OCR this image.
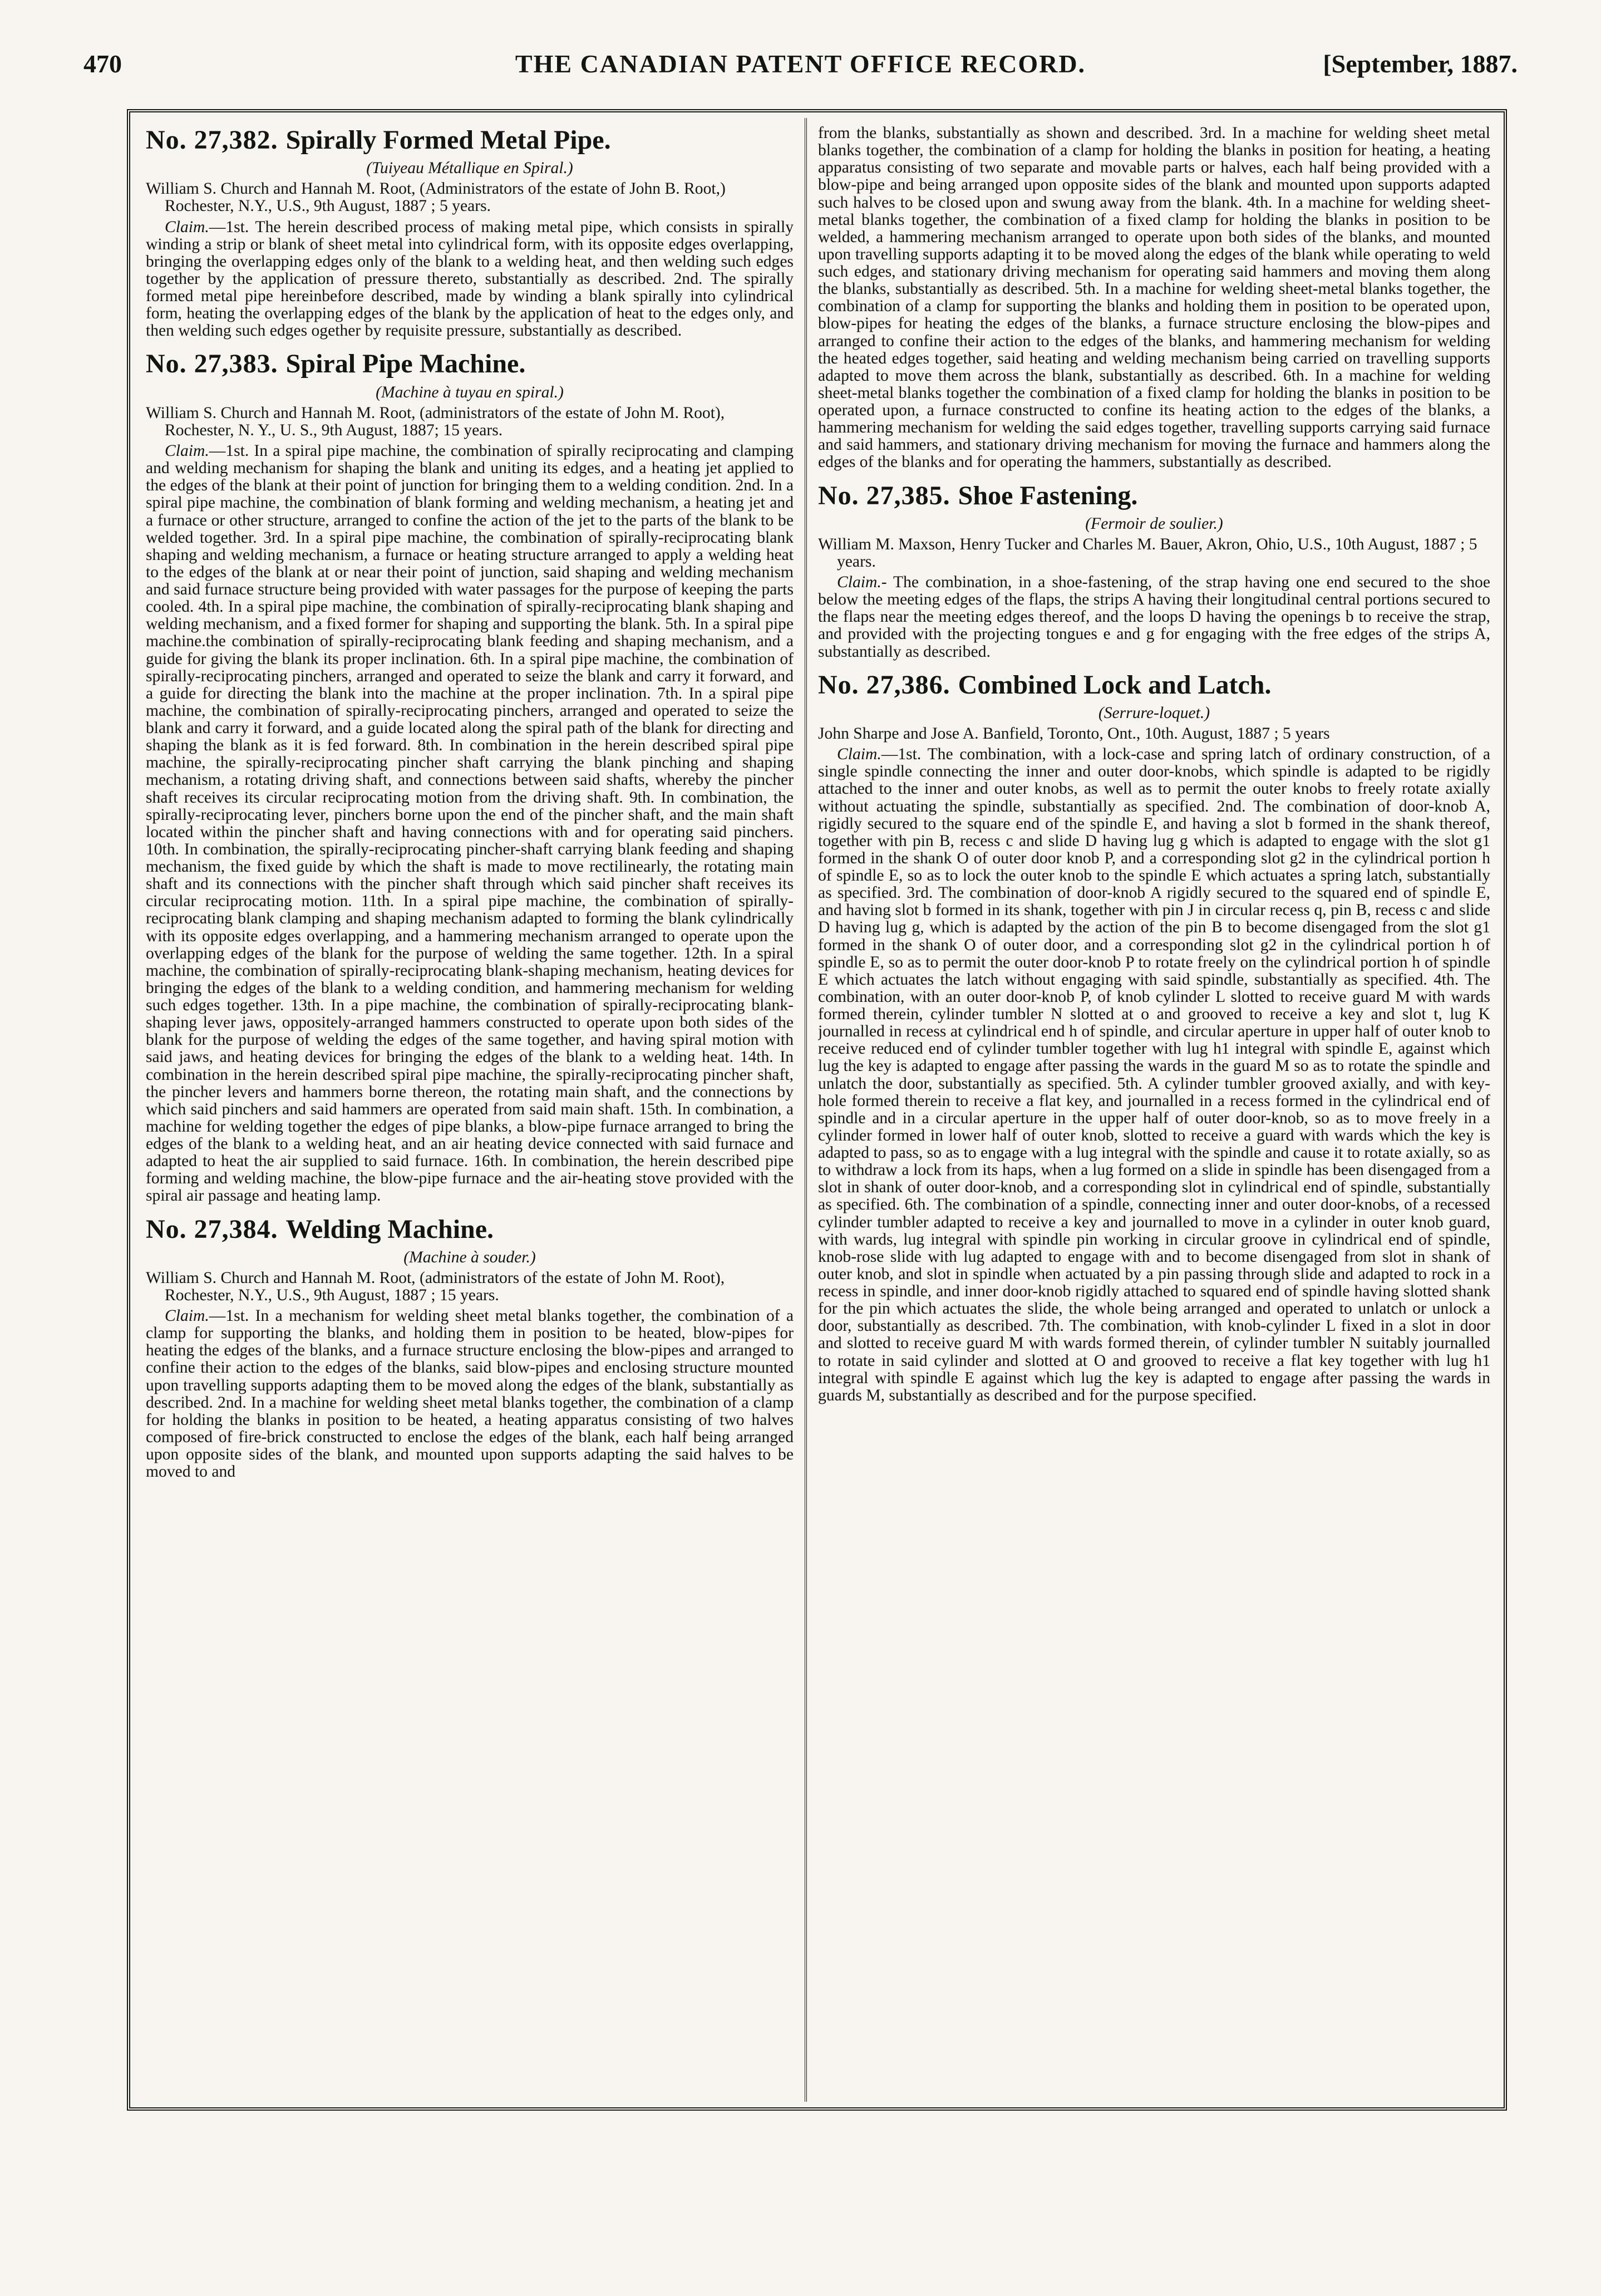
470	THE CANADIAN PATENT OFFICE RECORD.	[September, 1887.
No. 27,382. Spirally Formed Metal Pipe.

(Tuiyeau Métallique en Spiral.)

William S. Church and Hannah M. Root, (Administrators of the estate of John B. Root,) Rochester, N.Y., U.S., 9th August, 1887 ; 5 years.

Claim.—1st. The herein described process of making metal pipe, which consists in spirally winding a strip or blank of sheet metal into cylindrical form, with its opposite edges overlapping, bringing the overlapping edges only of the blank to a welding heat, and then welding such edges together by the application of pressure thereto, substantially as described. 2nd. The spirally formed metal pipe hereinbefore described, made by winding a blank spirally into cylindrical form, heating the overlapping edges of the blank by the application of heat to the edges only, and then welding such edges ogether by requisite pressure, substantially as described.

No. 27,383. Spiral Pipe Machine.

(Machine à tuyau en spiral.)

William S. Church and Hannah M. Root, (administrators of the estate of John M. Root), Rochester, N. Y., U. S., 9th August, 1887; 15 years.

Claim.—1st. In a spiral pipe machine, the combination of spirally reciprocating and clamping and welding mechanism for shaping the blank and uniting its edges, and a heating jet applied to the edges of the blank at their point of junction for bringing them to a welding condition. 2nd. In a spiral pipe machine, the combination of blank forming and welding mechanism, a heating jet and a furnace or other structure, arranged to confine the action of the jet to the parts of the blank to be welded together. 3rd. In a spiral pipe machine, the combination of spirally-reciprocating blank shaping and welding mechanism, a furnace or heating structure arranged to apply a welding heat to the edges of the blank at or near their point of junction, said shaping and welding mechanism and said furnace structure being provided with water passages for the purpose of keeping the parts cooled. 4th. In a spiral pipe machine, the combination of spirally-reciprocating blank shaping and welding mechanism, and a fixed former for shaping and supporting the blank. 5th. In a spiral pipe machine.the combination of spirally-reciprocating blank feeding and shaping mechanism, and a guide for giving the blank its proper inclination. 6th. In a spiral pipe machine, the combination of spirally-reciprocating pinchers, arranged and operated to seize the blank and carry it forward, and a guide for directing the blank into the machine at the proper inclination. 7th. In a spiral pipe machine, the combination of spirally-reciprocating pinchers, arranged and operated to seize the blank and carry it forward, and a guide located along the spiral path of the blank for directing and shaping the blank as it is fed forward. 8th. In combination in the herein described spiral pipe machine, the spirally-reciprocating pincher shaft carrying the blank pinching and shaping mechanism, a rotating driving shaft, and connections between said shafts, whereby the pincher shaft receives its circular reciprocating motion from the driving shaft. 9th. In combination, the spirally-reciprocating lever, pinchers borne upon the end of the pincher shaft, and the main shaft located within the pincher shaft and having connections with and for operating said pinchers. 10th. In combination, the spirally-reciprocating pincher-shaft carrying blank feeding and shaping mechanism, the fixed guide by which the shaft is made to move rectilinearly, the rotating main shaft and its connections with the pincher shaft through which said pincher shaft receives its circular reciprocating motion. 11th. In a spiral pipe machine, the combination of spirally-reciprocating blank clamping and shaping mechanism adapted to forming the blank cylindrically with its opposite edges overlapping, and a hammering mechanism arranged to operate upon the overlapping edges of the blank for the purpose of welding the same together. 12th. In a spiral machine, the combination of spirally-reciprocating blank-shaping mechanism, heating devices for bringing the edges of the blank to a welding condition, and hammering mechanism for welding such edges together. 13th. In a pipe machine, the combination of spirally-reciprocating blank-shaping lever jaws, oppositely-arranged hammers constructed to operate upon both sides of the blank for the purpose of welding the edges of the same together, and having spiral motion with said jaws, and heating devices for bringing the edges of the blank to a welding heat. 14th. In combination in the herein described spiral pipe machine, the spirally-reciprocating pincher shaft, the pincher levers and hammers borne thereon, the rotating main shaft, and the connections by which said pinchers and said hammers are operated from said main shaft. 15th. In combination, a machine for welding together the edges of pipe blanks, a blow-pipe furnace arranged to bring the edges of the blank to a welding heat, and an air heating device connected with said furnace and adapted to heat the air supplied to said furnace. 16th. In combination, the herein described pipe forming and welding machine, the blow-pipe furnace and the air-heating stove provided with the spiral air passage and heating lamp.

No. 27,384. Welding Machine.

(Machine à souder.)

William S. Church and Hannah M. Root, (administrators of the estate of John M. Root), Rochester, N.Y., U.S., 9th August, 1887 ; 15 years.

Claim.—1st. In a mechanism for welding sheet metal blanks together, the combination of a clamp for supporting the blanks, and holding them in position to be heated, blow-pipes for heating the edges of the blanks, and a furnace structure enclosing the blow-pipes and arranged to confine their action to the edges of the blanks, said blow-pipes and enclosing structure mounted upon travelling supports adapting them to be moved along the edges of the blank, substantially as described. 2nd. In a machine for welding sheet metal blanks together, the combination of a clamp for holding the blanks in position to be heated, a heating apparatus consisting of two halves composed of fire-brick constructed to enclose the edges of the blank, each half being arranged upon opposite sides of the blank, and mounted upon supports adapting the said halves to be moved to and

from the blanks, substantially as shown and described. 3rd. In a machine for welding sheet metal blanks together, the combination of a clamp for holding the blanks in position for heating, a heating apparatus consisting of two separate and movable parts or halves, each half being provided with a blow-pipe and being arranged upon opposite sides of the blank and mounted upon supports adapted such halves to be closed upon and swung away from the blank. 4th. In a machine for welding sheet-metal blanks together, the combination of a fixed clamp for holding the blanks in position to be welded, a hammering mechanism arranged to operate upon both sides of the blanks, and mounted upon travelling supports adapting it to be moved along the edges of the blank while operating to weld such edges, and stationary driving mechanism for operating said hammers and moving them along the blanks, substantially as described. 5th. In a machine for welding sheet-metal blanks together, the combination of a clamp for supporting the blanks and holding them in position to be operated upon, blow-pipes for heating the edges of the blanks, a furnace structure enclosing the blow-pipes and arranged to confine their action to the edges of the blanks, and hammering mechanism for welding the heated edges together, said heating and welding mechanism being carried on travelling supports adapted to move them across the blank, substantially as described. 6th. In a machine for welding sheet-metal blanks together the combination of a fixed clamp for holding the blanks in position to be operated upon, a furnace constructed to confine its heating action to the edges of the blanks, a hammering mechanism for welding the said edges together, travelling supports carrying said furnace and said hammers, and stationary driving mechanism for moving the furnace and hammers along the edges of the blanks and for operating the hammers, substantially as described.

No. 27,385. Shoe Fastening.

(Fermoir de soulier.)

William M. Maxson, Henry Tucker and Charles M. Bauer, Akron, Ohio, U.S., 10th August, 1887 ; 5 years.

Claim.- The combination, in a shoe-fastening, of the strap having one end secured to the shoe below the meeting edges of the flaps, the strips A having their longitudinal central portions secured to the flaps near the meeting edges thereof, and the loops D having the openings b to receive the strap, and provided with the projecting tongues e and g for engaging with the free edges of the strips A, substantially as described.

No. 27,386. Combined Lock and Latch.

(Serrure-loquet.)

John Sharpe and Jose A. Banfield, Toronto, Ont., 10th. August, 1887 ; 5 years

Claim.—1st. The combination, with a lock-case and spring latch of ordinary construction, of a single spindle connecting the inner and outer door-knobs, which spindle is adapted to be rigidly attached to the inner and outer knobs, as well as to permit the outer knobs to freely rotate axially without actuating the spindle, substantially as specified. 2nd. The combination of door-knob A, rigidly secured to the square end of the spindle E, and having a slot b formed in the shank thereof, together with pin B, recess c and slide D having lug g which is adapted to engage with the slot g1 formed in the shank O of outer door knob P, and a corresponding slot g2 in the cylindrical portion h of spindle E, so as to lock the outer knob to the spindle E which actuates a spring latch, substantially as specified. 3rd. The combination of door-knob A rigidly secured to the squared end of spindle E, and having slot b formed in its shank, together with pin J in circular recess q, pin B, recess c and slide D having lug g, which is adapted by the action of the pin B to become disengaged from the slot g1 formed in the shank O of outer door, and a corresponding slot g2 in the cylindrical portion h of spindle E, so as to permit the outer door-knob P to rotate freely on the cylindrical portion h of spindle E which actuates the latch without engaging with said spindle, substantially as specified. 4th. The combination, with an outer door-knob P, of knob cylinder L slotted to receive guard M with wards formed therein, cylinder tumbler N slotted at o and grooved to receive a key and slot t, lug K journalled in recess at cylindrical end h of spindle, and circular aperture in upper half of outer knob to receive reduced end of cylinder tumbler together with lug h1 integral with spindle E, against which lug the key is adapted to engage after passing the wards in the guard M so as to rotate the spindle and unlatch the door, substantially as specified. 5th. A cylinder tumbler grooved axially, and with key-hole formed therein to receive a flat key, and journalled in a recess formed in the cylindrical end of spindle and in a circular aperture in the upper half of outer door-knob, so as to move freely in a cylinder formed in lower half of outer knob, slotted to receive a guard with wards which the key is adapted to pass, so as to engage with a lug integral with the spindle and cause it to rotate axially, so as to withdraw a lock from its haps, when a lug formed on a slide in spindle has been disengaged from a slot in shank of outer door-knob, and a corresponding slot in cylindrical end of spindle, substantially as specified. 6th. The combination of a spindle, connecting inner and outer door-knobs, of a recessed cylinder tumbler adapted to receive a key and journalled to move in a cylinder in outer knob guard, with wards, lug integral with spindle pin working in circular groove in cylindrical end of spindle, knob-rose slide with lug adapted to engage with and to become disengaged from slot in shank of outer knob, and slot in spindle when actuated by a pin passing through slide and adapted to rock in a recess in spindle, and inner door-knob rigidly attached to squared end of spindle having slotted shank for the pin which actuates the slide, the whole being arranged and operated to unlatch or unlock a door, substantially as described. 7th. The combination, with knob-cylinder L fixed in a slot in door and slotted to receive guard M with wards formed therein, of cylinder tumbler N suitably journalled to rotate in said cylinder and slotted at O and grooved to receive a flat key together with lug h1 integral with spindle E against which lug the key is adapted to engage after passing the wards in guards M, substantially as described and for the purpose specified.
